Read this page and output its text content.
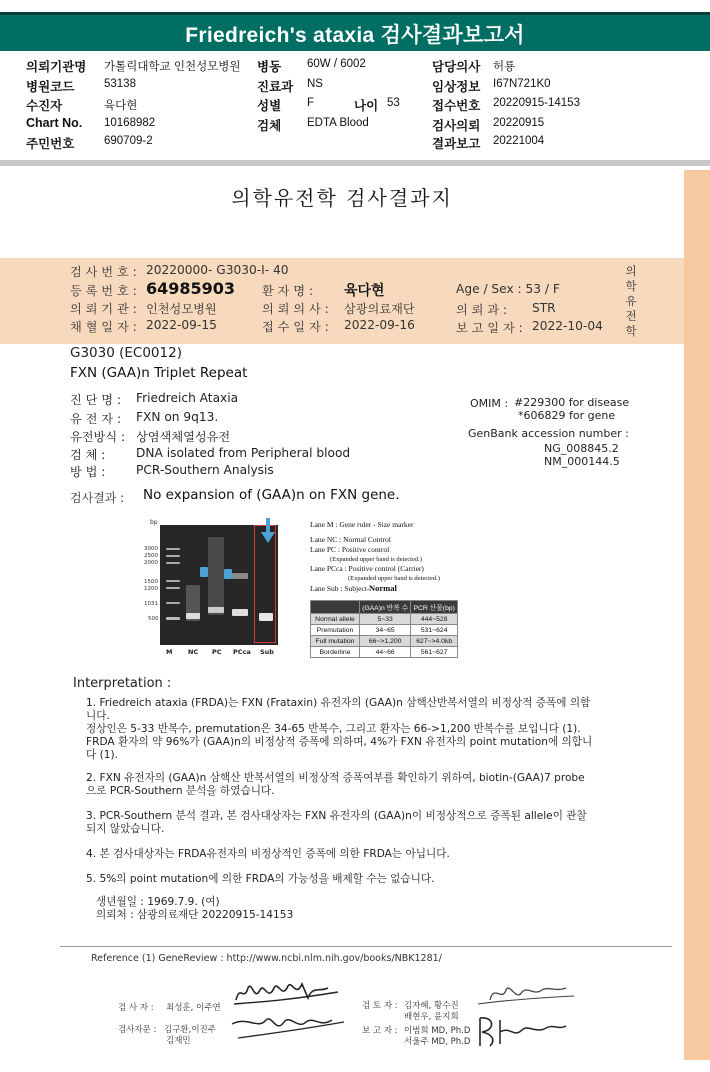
Friedreich's ataxia 검사결과보고서
의뢰기관명 가톨릭대학교 인천성모병원
병원코드	53138
수진자	육다현
Chart No. 10168982
주민번호	690709-2
병동 60W / 6002
진료과 NS
성별 F	나이 53
검체 EDTA Blood
담당의사 허룡
임상정보 I67N721K0
접수번호 20220915-14153
검사의뢰 20220915
결과보고 20221004
의학유전학 검사결과지
검 사 번 호 : 20220000- G3030-I- 40
등 록 번 호 : 64985903
의 뢰 기 관 : 인천성모병원
채 혈 일 자 : 2022-09-15
환 자 명 : 육다현
의 뢰 의 사 : 삼광의료재단
접 수 일 자 : 2022-09-16
Age / Sex : 53 / F
의 뢰 과 : STR
보 고 일 자 : 2022-10-04
의학유전학
G3030 (EC0012)
FXN (GAA)n Triplet Repeat
진 단 명 : Friedreich Ataxia
유 전 자 : FXN on 9q13.
유전방식 : 상염색체열성유전
검 체 :	DNA isolated from Peripheral blood
방 법 :	PCR-Southern Analysis
OMIM : #229300 for disease
*606829 for gene
GenBank accession number :
NG_008845.2
NM_000144.5
검사결과 : No expansion of (GAA)n on FXN gene.
bp
3000
2500
2000
1500
1200
1031
500
M NC PC PCca Sub
Lane M : Gene ruler - Size marker
Lane NC : Normal Control
Lane PC : Positive control
(Expanded upper band is detected.)
Lane PCca : Positive control (Carrier)
(Expanded upper band is detected.)
Lane Sub : Subject- Normal
	(GAA)n 반복 수	PCR 산물(bp)
Normal allele	5~33	444~528
Premutation	34~65	531~624
Full mutation	66~>1,200	627~>4.0kb
Borderline	44~66	561~627
Interpretation :
1. Friedreich ataxia (FRDA)는 FXN (Frataxin) 유전자의 (GAA)n 삼핵산반복서열의 비정상적 증폭에 의함
니다.
정상인은 5-33 반복수, premutation은 34-65 반복수, 그리고 환자는 66->1,200 반복수를 보입니다 (1).
FRDA 환자의 약 96%가 (GAA)n의 비정상적 증폭에 의하며, 4%가 FXN 유전자의 point mutation에 의합니
다 (1).
2. FXN 유전자의 (GAA)n 삼핵산 반복서열의 비정상적 증폭여부를 확인하기 위하여, biotin-(GAA)7 probe
으로 PCR-Southern 분석을 하였습니다.
3. PCR-Southern 분석 결과, 본 검사대상자는 FXN 유전자의 (GAA)n이 비정상적으로 증폭된 allele이 관찰
되지 않았습니다.
4. 본 검사대상자는 FRDA유전자의 비정상적인 증폭에 의한 FRDA는 아닙니다.
5. 5%의 point mutation에 의한 FRDA의 가능성을 배제할 수는 없습니다.
생년월일 : 1969.7.9. (여)
의뢰처 : 삼광의료재단 20220915-14153
Reference (1) GeneReview : http://www.ncbi.nlm.nih.gov/books/NBK1281/
검 사 자 : 최성훈, 이주연
검사자문 : 김구환,이진주
김재민
검 토 자 : 김자혜, 황수진
배현우, 윤지희
보 고 자 : 이범희 MD, Ph.D
서울주 MD, Ph.D
